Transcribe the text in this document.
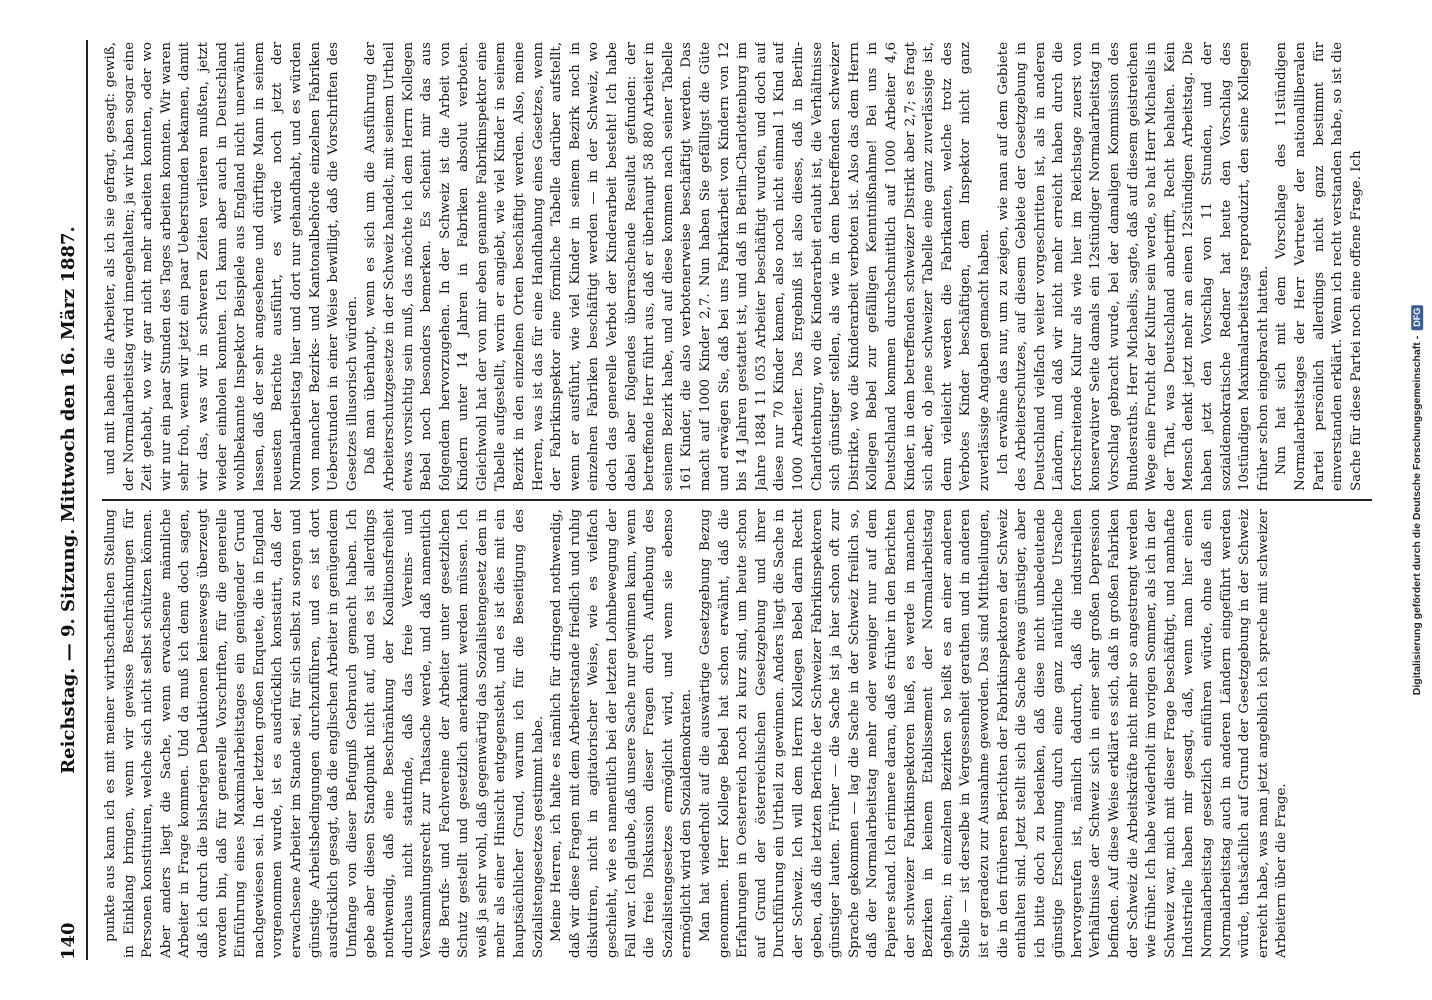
140
Reichstag. — 9. Sitzung. Mittwoch den 16. März 1887. punkte aus kann ich es mit meiner wirthschaftlichen Stellung in Einklang bringen, wenn wir gewisse Beschränkungen für Personen konstituiren, welche sich nicht selbst schützen können. Aber anders liegt die Sache, wenn erwachsene männliche Arbeiter in Frage kommen. Und da muß ich denn doch sagen, daß ich durch die bisherigen Deduktionen keineswegs überzeugt worden bin, daß für generelle Vorschriften, für die generelle Einführung eines Maximalarbeitstages ein genügender Grund nachgewiesen sei. In der letzten großen Enquete, die in England vorgenommen wurde, ist es ausdrücklich konstatirt, daß der erwachsene Arbeiter im Stande sei, für sich selbst zu sorgen und günstige Arbeitsbedingungen durchzuführen, und es ist dort ausdrücklich gesagt, daß die englischen Arbeiter in genügendem Umfange von dieser Befugniß Gebrauch gemacht haben. Ich gebe aber diesen Standpunkt nicht auf, und es ist allerdings nothwendig, daß eine Beschränkung der Koalitionsfreiheit durchaus nicht stattfinde, daß das freie Vereins- und Versammlungsrecht zur Thatsache werde, und daß namentlich die Berufs- und Fachvereine der Arbeiter unter gesetzlichen Schutz gestellt und gesetzlich anerkannt werden müssen. Ich weiß ja sehr wohl, daß gegenwärtig das Sozialistengesetz dem in mehr als einer Hinsicht entgegensteht, und es ist dies mit ein hauptsächlicher Grund, warum ich für die Beseitigung des Sozialistengesetzes gestimmt habe. Meine Herren, ich halte es nämlich für dringend nothwendig, daß wir diese Fragen mit dem Arbeiterstande friedlich und ruhig diskutiren, nicht in agitatorischer Weise, wie es vielfach geschieht, wie es namentlich bei der letzten Lohnbewegung der Fall war. Ich glaube, daß unsere Sache nur gewinnen kann, wenn die freie Diskussion dieser Fragen durch Aufhebung des Sozialistengesetzes ermöglicht wird, und wenn sie ebenso ermöglicht wird den Sozialdemokraten. Man hat wiederholt auf die auswärtige Gesetzgebung Bezug genommen. Herr Kollege Bebel hat schon erwähnt, daß die Erfahrungen in Oesterreich noch zu kurz sind, um heute schon auf Grund der österreichischen Gesetzgebung und ihrer Durchführung ein Urtheil zu gewinnen. Anders liegt die Sache in der Schweiz. Ich will dem Herrn Kollegen Bebel darin Recht geben, daß die letzten Berichte der Schweizer Fabrikinspektoren günstiger lauten. Früher — die Sache ist ja hier schon oft zur Sprache gekommen — lag die Sache in der Schweiz freilich so, daß der Normalarbeitstag mehr oder weniger nur auf dem Papiere stand. Ich erinnere daran, daß es früher in den Berichten der schweizer Fabrikinspektoren hieß, es werde in manchen Bezirken in keinem Etablissement der Normalarbeitstag gehalten; in einzelnen Bezirken so heißt es an einer anderen Stelle — ist derselbe in Vergessenheit gerathen und in anderen ist er geradezu zur Ausnahme geworden. Das sind Mittheilungen, die in den früheren Berichten der Fabrikinspektoren der Schweiz enthalten sind. Jetzt stellt sich die Sache etwas günstiger, aber ich bitte doch zu bedenken, daß diese nicht unbedeutende günstige Erscheinung durch eine ganz natürliche Ursache hervorgerufen ist, nämlich dadurch, daß die industriellen Verhältnisse der Schweiz sich in einer sehr großen Depression befinden. Auf diese Weise erklärt es sich, daß in großen Fabriken der Schweiz die Arbeitskräfte nicht mehr so angestrengt werden wie früher. Ich habe wiederholt im vorigen Sommer, als ich in der Schweiz war, mich mit dieser Frage beschäftigt, und namhafte Industrielle haben mir gesagt, daß, wenn man hier einen Normalarbeitstag gesetzlich einführen würde, ohne daß ein Normalarbeitstag auch in anderen Ländern eingeführt werden würde, thatsächlich auf Grund der Gesetzgebung in der Schweiz erreicht habe, was man jetzt angeblich ich spreche mit schweizer Arbeitern über die Frage.

und mit haben die Arbeiter, als ich sie gefragt, gesagt: gewiß, der Normalarbeitstag wird innegehalten; ja wir haben sogar eine Zeit gehabt, wo wir gar nicht mehr arbeiten konnten, oder wo wir nur ein paar Stunden des Tages arbeiten konnten. Wir waren sehr froh, wenn wir jetzt ein paar Ueberstunden bekamen, damit wir das, was wir in schweren Zeiten verlieren mußten, jetzt wieder einholen konnten. Ich kann aber auch in Deutschland wohlbekannte Inspektor Beispiele aus England nicht unerwähnt lassen, daß der sehr angesehene und dürftige Mann in seinem neuesten Berichte ausführt, es würde noch jetzt der Normalarbeitstag hier und dort nur gehandhabt, und es würden von mancher Bezirks- und Kantonalbehörde einzelnen Fabriken Ueberstunden in einer Weise bewilligt, daß die Vorschriften des Gesetzes illusorisch würden. Daß man überhaupt, wenn es sich um die Ausführung der Arbeiterschutzgesetze in der Schweiz handelt, mit seinem Urtheil etwas vorsichtig sein muß, das möchte ich dem Herrn Kollegen Bebel noch besonders bemerken. Es scheint mir das aus folgendem hervorzugehen. In der Schweiz ist die Arbeit von Kindern unter 14 Jahren in Fabriken absolut verboten. Gleichwohl hat der von mir eben genannte Fabrikinspektor eine Tabelle aufgestellt, worin er angiebt, wie viel Kinder in seinem Bezirk in den einzelnen Orten beschäftigt werden. Also, meine Herren, was ist das für eine Handhabung eines Gesetzes, wenn der Fabrikinspektor eine förmliche Tabelle darüber aufstellt, wenn er ausführt, wie viel Kinder in seinem Bezirk noch in einzelnen Fabriken beschäftigt werden — in der Schweiz, wo doch das generelle Verbot der Kinderarbeit besteht! Ich habe dabei aber folgendes überraschende Resultat gefunden: der betreffende Herr führt aus, daß er überhaupt 58 880 Arbeiter in seinem Bezirk habe, und auf diese kommen nach seiner Tabelle 161 Kinder, die also verbotenerweise beschäftigt werden. Das macht auf 1000 Kinder 2,7. Nun haben Sie gefälligst die Güte und erwägen Sie, daß bei uns Fabrikarbeit von Kindern von 12 bis 14 Jahren gestattet ist, und daß in Berlin-Charlottenburg im Jahre 1884 11 053 Arbeiter beschäftigt wurden, und doch auf diese nur 70 Kinder kamen, also noch nicht einmal 1 Kind auf 1000 Arbeiter. Das Ergebniß ist also dieses, daß in Berlin-Charlottenburg, wo die Kinderarbeit erlaubt ist, die Verhältnisse sich günstiger stellen, als wie in dem betreffenden schweizer Distrikte, wo die Kinderarbeit verboten ist. Also das dem Herrn Kollegen Bebel zur gefälligen Kenntnißnahme! Bei uns in Deutschland kommen durchschnittlich auf 1000 Arbeiter 4,6 Kinder, in dem betreffenden schweizer Distrikt aber 2,7; es fragt sich aber, ob jene schweizer Tabelle eine ganz zuverlässige ist, denn vielleicht werden die Fabrikanten, welche trotz des Verbotes Kinder beschäftigen, dem Inspektor nicht ganz zuverlässige Angaben gemacht haben. Ich erwähne das nur, um zu zeigen, wie man auf dem Gebiete des Arbeiterschutzes, auf diesem Gebiete der Gesetzgebung in Deutschland vielfach weiter vorgeschritten ist, als in anderen Ländern, und daß wir nicht mehr erreicht haben durch die fortschreitende Kultur als wie hier im Reichstage zuerst von konservativer Seite damals ein 12stündiger Normalarbeitstag in Vorschlag gebracht wurde, bei der damaligen Kommission des Bundesraths. Herr Michaelis, sagte, daß auf diesem geistreichen Wege eine Frucht der Kultur sein werde, so hat Herr Michaelis in der That, was Deutschland anbetrifft, Recht behalten. Kein Mensch denkt jetzt mehr an einen 12stündigen Arbeitstag. Die haben jetzt den Vorschlag von 11 Stunden, und der sozialdemokratische Redner hat heute den Vorschlag des 10stündigen Maximalarbeitstags reproduzirt, den seine Kollegen früher schon eingebracht hatten. Nun hat sich mit dem Vorschlage des 11stündigen Normalarbeitstages der Herr Vertreter der nationalliberalen Partei persönlich allerdings nicht ganz bestimmt für einverstanden erklärt. Wenn ich recht verstanden habe, so ist die Sache für diese Partei noch eine offene Frage. Ich

Digitalisierung gefördert durch die Deutsche Forschungsgemeinschaft -
DFG
